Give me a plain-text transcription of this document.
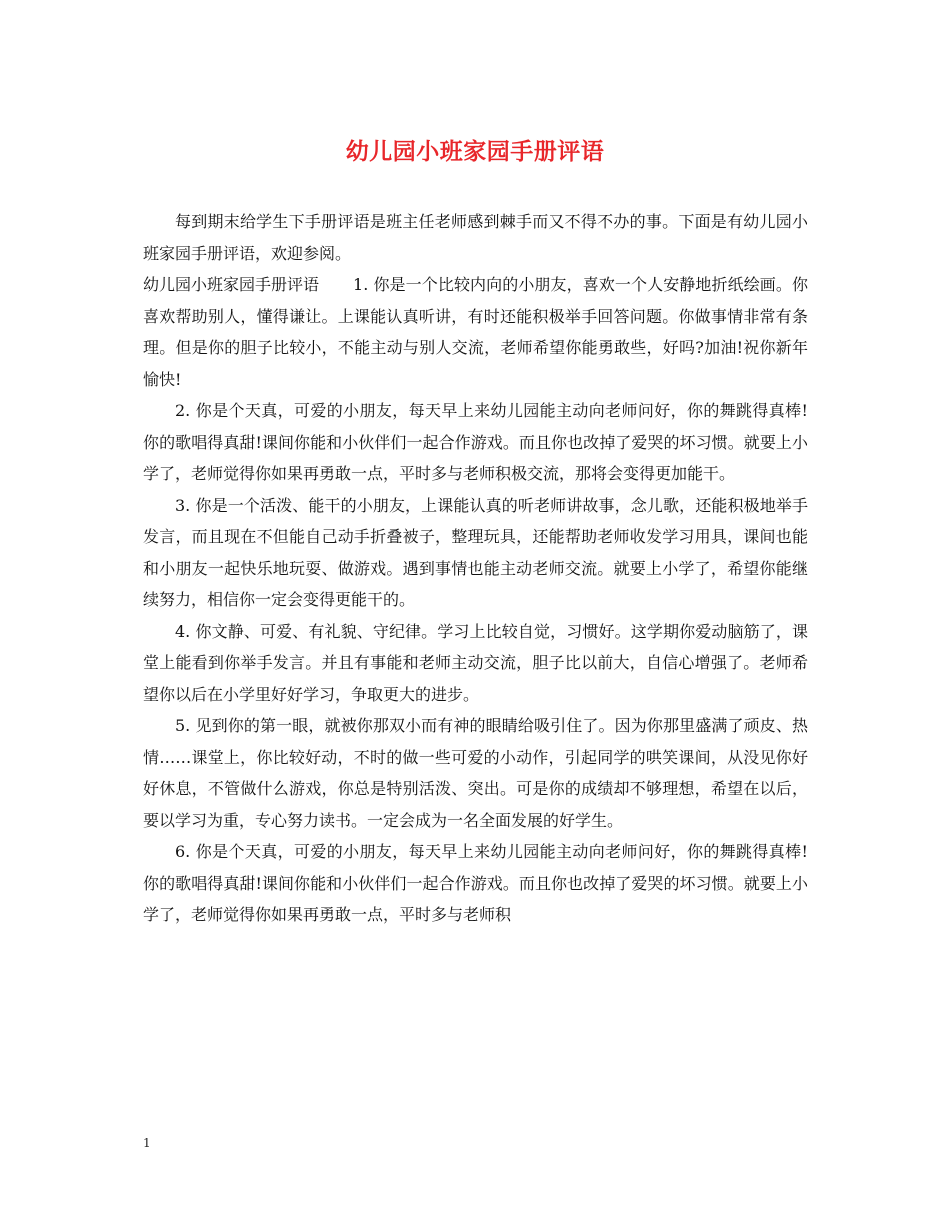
幼儿园小班家园手册评语

每到期末给学生下手册评语是班主任老师感到棘手而又不得不办的事。下面是有幼儿园小班家园手册评语，欢迎参阅。

幼儿园小班家园手册评语 1. 你是一个比较内向的小朋友，喜欢一个人安静地折纸绘画。你喜欢帮助别人，懂得谦让。上课能认真听讲，有时还能积极举手回答问题。你做事情非常有条理。但是你的胆子比较小，不能主动与别人交流，老师希望你能勇敢些，好吗?加油!祝你新年愉快!

2. 你是个天真，可爱的小朋友，每天早上来幼儿园能主动向老师问好，你的舞跳得真棒!你的歌唱得真甜!课间你能和小伙伴们一起合作游戏。而且你也改掉了爱哭的坏习惯。就要上小学了，老师觉得你如果再勇敢一点，平时多与老师积极交流，那将会变得更加能干。

3. 你是一个活泼、能干的小朋友，上课能认真的听老师讲故事，念儿歌，还能积极地举手发言，而且现在不但能自己动手折叠被子，整理玩具，还能帮助老师收发学习用具，课间也能和小朋友一起快乐地玩耍、做游戏。遇到事情也能主动老师交流。就要上小学了，希望你能继续努力，相信你一定会变得更能干的。

4. 你文静、可爱、有礼貌、守纪律。学习上比较自觉，习惯好。这学期你爱动脑筋了，课堂上能看到你举手发言。并且有事能和老师主动交流，胆子比以前大，自信心增强了。老师希望你以后在小学里好好学习，争取更大的进步。

5. 见到你的第一眼，就被你那双小而有神的眼睛给吸引住了。因为你那里盛满了顽皮、热情……课堂上，你比较好动，不时的做一些可爱的小动作，引起同学的哄笑课间，从没见你好好休息，不管做什么游戏，你总是特别活泼、突出。可是你的成绩却不够理想，希望在以后，要以学习为重，专心努力读书。一定会成为一名全面发展的好学生。

6. 你是个天真，可爱的小朋友，每天早上来幼儿园能主动向老师问好，你的舞跳得真棒!你的歌唱得真甜!课间你能和小伙伴们一起合作游戏。而且你也改掉了爱哭的坏习惯。就要上小学了，老师觉得你如果再勇敢一点，平时多与老师积

1
